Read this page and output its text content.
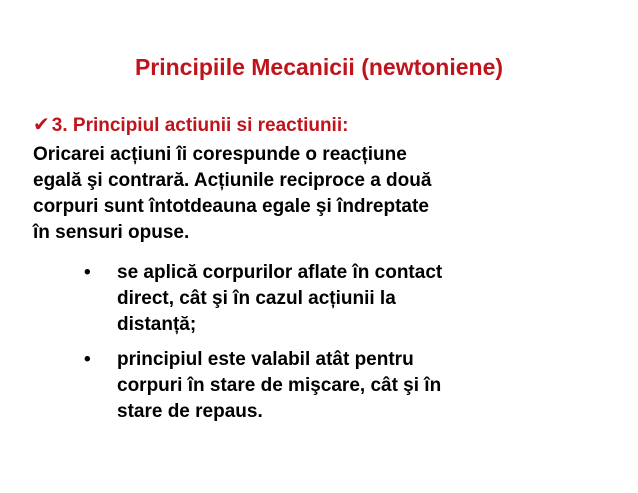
Principiile Mecanicii (newtoniene)
✔ 3. Principiul actiunii si reactiunii:
Oricarei acțiuni îi corespunde o reacțiune
egală şi contrară. Acțiunile reciproce a două
corpuri sunt întotdeauna egale şi îndreptate
în sensuri opuse.
• se aplică corpurilor aflate în contact
direct, cât şi în cazul acțiunii la
distanță;
• principiul este valabil atât pentru
corpuri în stare de mişcare, cât şi în
stare de repaus.
